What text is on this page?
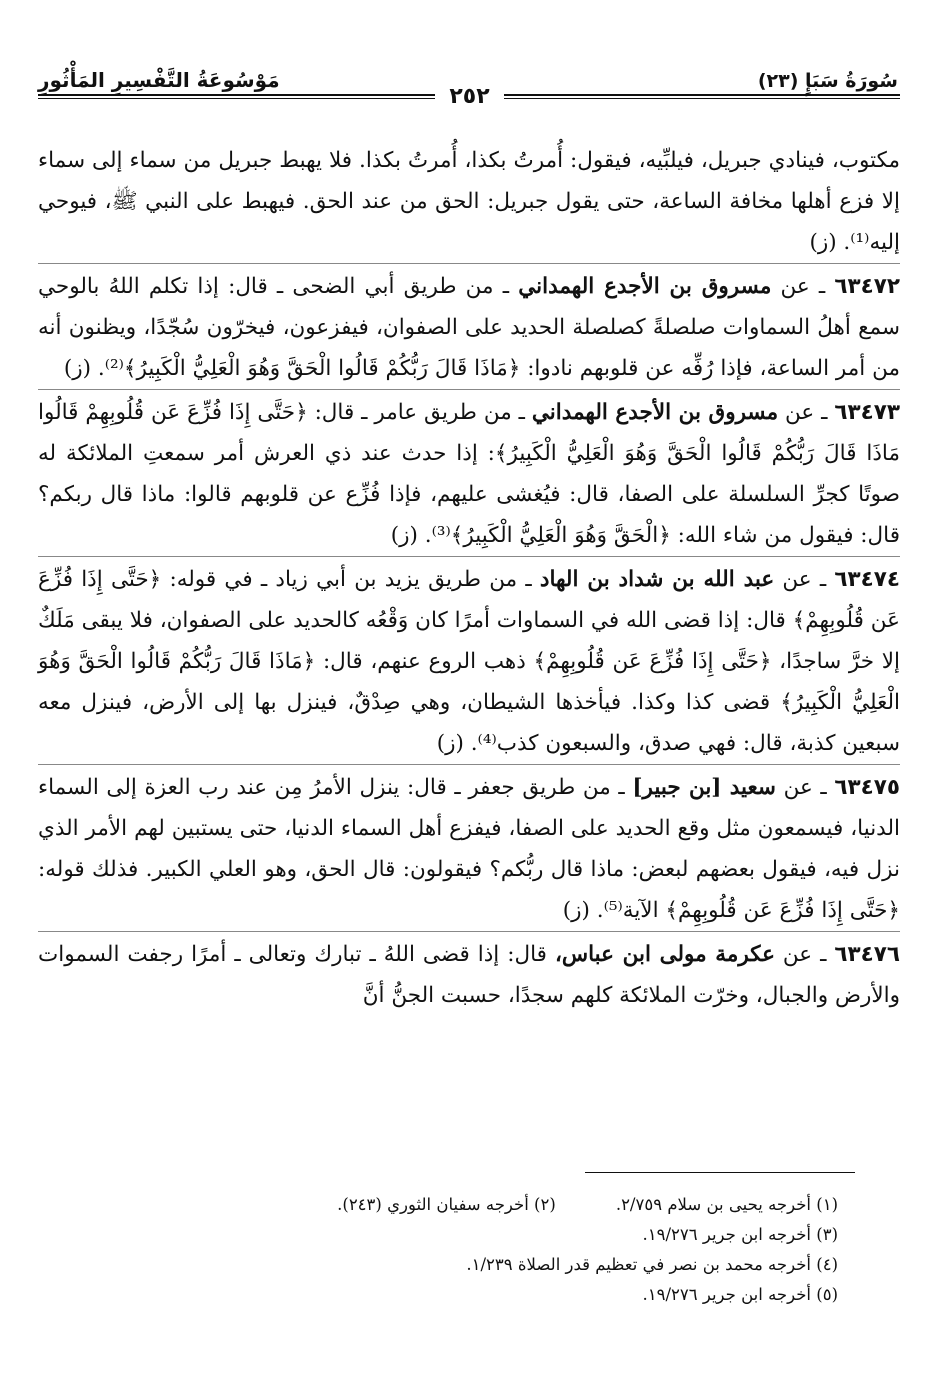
سُورَةُ سَبَإٍ (٢٣)
مَوْسُوعَةُ التَّفْسِيرِ المَأْثُورِ
٢٥٢

مكتوب، فينادي جبريل، فيلبِّيه، فيقول: أُمرتُ بكذا، أُمرتُ بكذا. فلا يهبط جبريل من سماء إلى سماء إلا فزع أهلها مخافة الساعة، حتى يقول جبريل: الحق من عند الحق. فيهبط على النبي ﷺ، فيوحي إليه⁽¹⁾. (ز)

٦٣٤٧٢ ـ عن مسروق بن الأجدع الهمداني ـ من طريق أبي الضحى ـ قال: إذا تكلم اللهُ بالوحي سمع أهلُ السماوات صلصلةً كصلصلة الحديد على الصفوان، فيفزعون، فيخرّون سُجّدًا، ويظنون أنه من أمر الساعة، فإذا رُفِّه عن قلوبهم نادوا: ﴿مَاذَا قَالَ رَبُّكُمْ قَالُوا الْحَقَّ وَهُوَ الْعَلِيُّ الْكَبِيرُ﴾⁽²⁾. (ز)

٦٣٤٧٣ ـ عن مسروق بن الأجدع الهمداني ـ من طريق عامر ـ قال: ﴿حَتَّى إِذَا فُزِّعَ عَن قُلُوبِهِمْ قَالُوا مَاذَا قَالَ رَبُّكُمْ قَالُوا الْحَقَّ وَهُوَ الْعَلِيُّ الْكَبِيرُ﴾: إذا حدث عند ذي العرش أمر سمعتِ الملائكة له صوتًا كجرِّ السلسلة على الصفا، قال: فيُغشى عليهم، فإذا فُزِّع عن قلوبهم قالوا: ماذا قال ربكم؟ قال: فيقول من شاء الله: ﴿الْحَقَّ وَهُوَ الْعَلِيُّ الْكَبِيرُ﴾⁽³⁾. (ز)

٦٣٤٧٤ ـ عن عبد الله بن شداد بن الهاد ـ من طريق يزيد بن أبي زياد ـ في قوله: ﴿حَتَّى إِذَا فُزِّعَ عَن قُلُوبِهِمْ﴾ قال: إذا قضى الله في السماوات أمرًا كان وَقْعُه كالحديد على الصفوان، فلا يبقى مَلَكٌ إلا خرَّ ساجدًا، ﴿حَتَّى إِذَا فُزِّعَ عَن قُلُوبِهِمْ﴾ ذهب الروع عنهم، قال: ﴿مَاذَا قَالَ رَبُّكُمْ قَالُوا الْحَقَّ وَهُوَ الْعَلِيُّ الْكَبِيرُ﴾ قضى كذا وكذا. فيأخذها الشيطان، وهي صِدْقٌ، فينزل بها إلى الأرض، فينزل معه سبعين كذبة، قال: فهي صدق، والسبعون كذب⁽⁴⁾. (ز)

٦٣٤٧٥ ـ عن سعيد [بن جبير] ـ من طريق جعفر ـ قال: ينزل الأمرُ مِن عند رب العزة إلى السماء الدنيا، فيسمعون مثل وقع الحديد على الصفا، فيفزع أهل السماء الدنيا، حتى يستبين لهم الأمر الذي نزل فيه، فيقول بعضهم لبعض: ماذا قال ربُّكم؟ فيقولون: قال الحق، وهو العلي الكبير. فذلك قوله: ﴿حَتَّى إِذَا فُزِّعَ عَن قُلُوبِهِمْ﴾ الآية⁽⁵⁾. (ز)

٦٣٤٧٦ ـ عن عكرمة مولى ابن عباس، قال: إذا قضى اللهُ ـ تبارك وتعالى ـ أمرًا رجفت السموات والأرض والجبال، وخرّت الملائكة كلهم سجدًا، حسبت الجنُّ أنَّ

(١) أخرجه يحيى بن سلام ٢/٧٥٩.
(٢) أخرجه سفيان الثوري (٢٤٣).
(٣) أخرجه ابن جرير ١٩/٢٧٦.
(٤) أخرجه محمد بن نصر في تعظيم قدر الصلاة ١/٢٣٩.
(٥) أخرجه ابن جرير ١٩/٢٧٦.
